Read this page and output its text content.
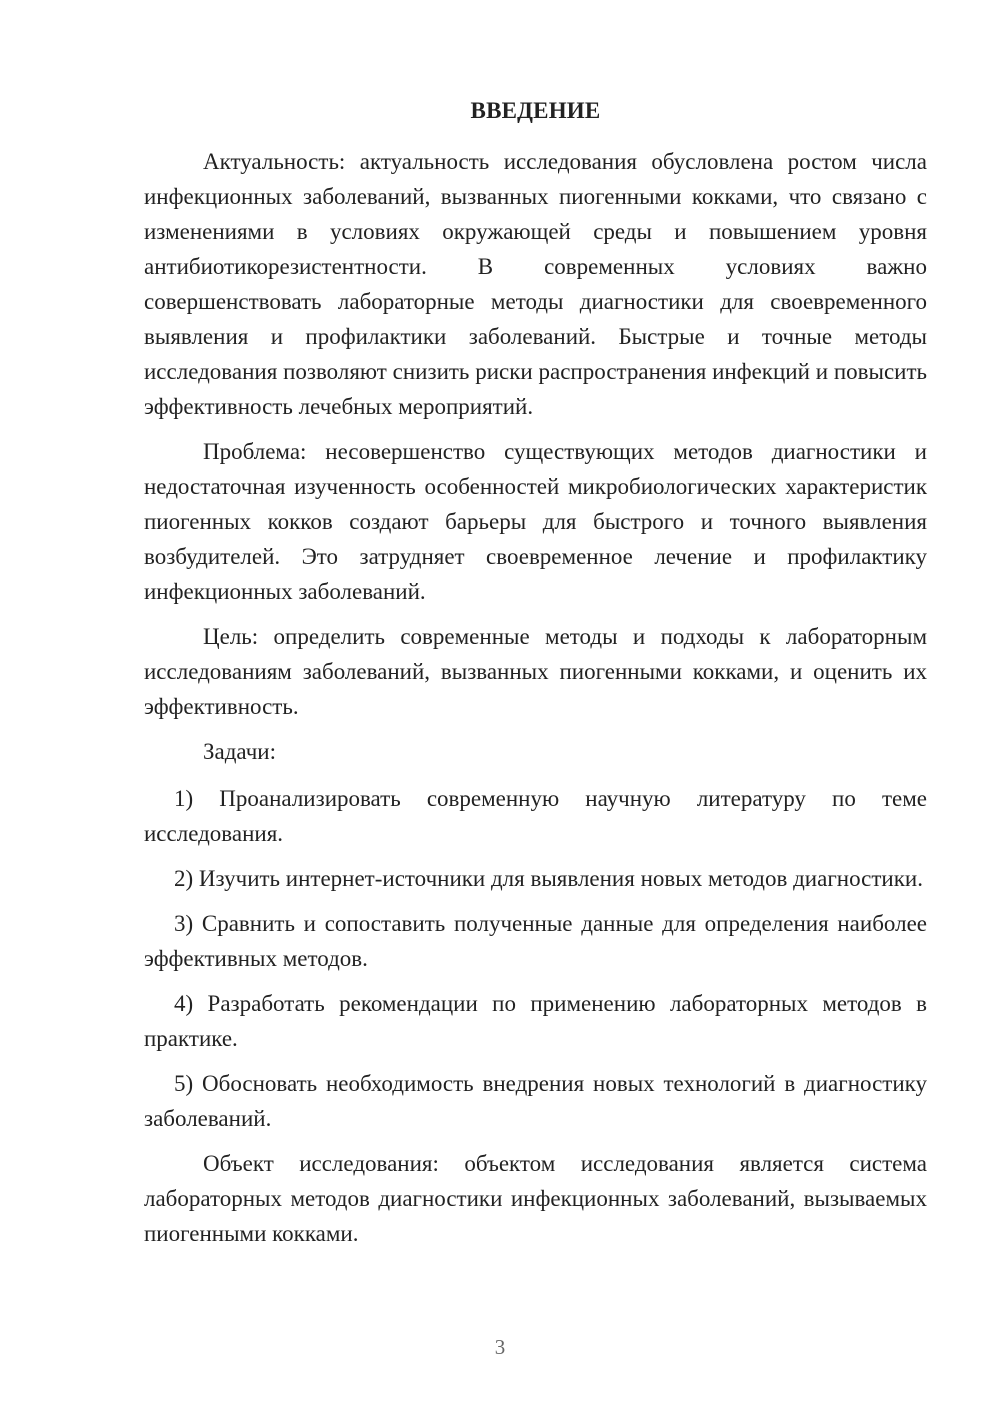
ВВЕДЕНИЕ

Актуальность: актуальность исследования обусловлена ростом числа инфекционных заболеваний, вызванных пиогенными кокками, что связано с изменениями в условиях окружающей среды и повышением уровня антибиотикорезистентности. В современных условиях важно совершенствовать лабораторные методы диагностики для своевременного выявления и профилактики заболеваний. Быстрые и точные методы исследования позволяют снизить риски распространения инфекций и повысить эффективность лечебных мероприятий.

Проблема: несовершенство существующих методов диагностики и недостаточная изученность особенностей микробиологических характеристик пиогенных кокков создают барьеры для быстрого и точного выявления возбудителей. Это затрудняет своевременное лечение и профилактику инфекционных заболеваний.

Цель: определить современные методы и подходы к лабораторным исследованиям заболеваний, вызванных пиогенными кокками, и оценить их эффективность.

Задачи:

1) Проанализировать современную научную литературу по теме исследования.

2) Изучить интернет-источники для выявления новых методов диагностики.

3) Сравнить и сопоставить полученные данные для определения наиболее эффективных методов.

4) Разработать рекомендации по применению лабораторных методов в практике.

5) Обосновать необходимость внедрения новых технологий в диагностику заболеваний.

Объект исследования: объектом исследования является система лабораторных методов диагностики инфекционных заболеваний, вызываемых пиогенными кокками.

3
